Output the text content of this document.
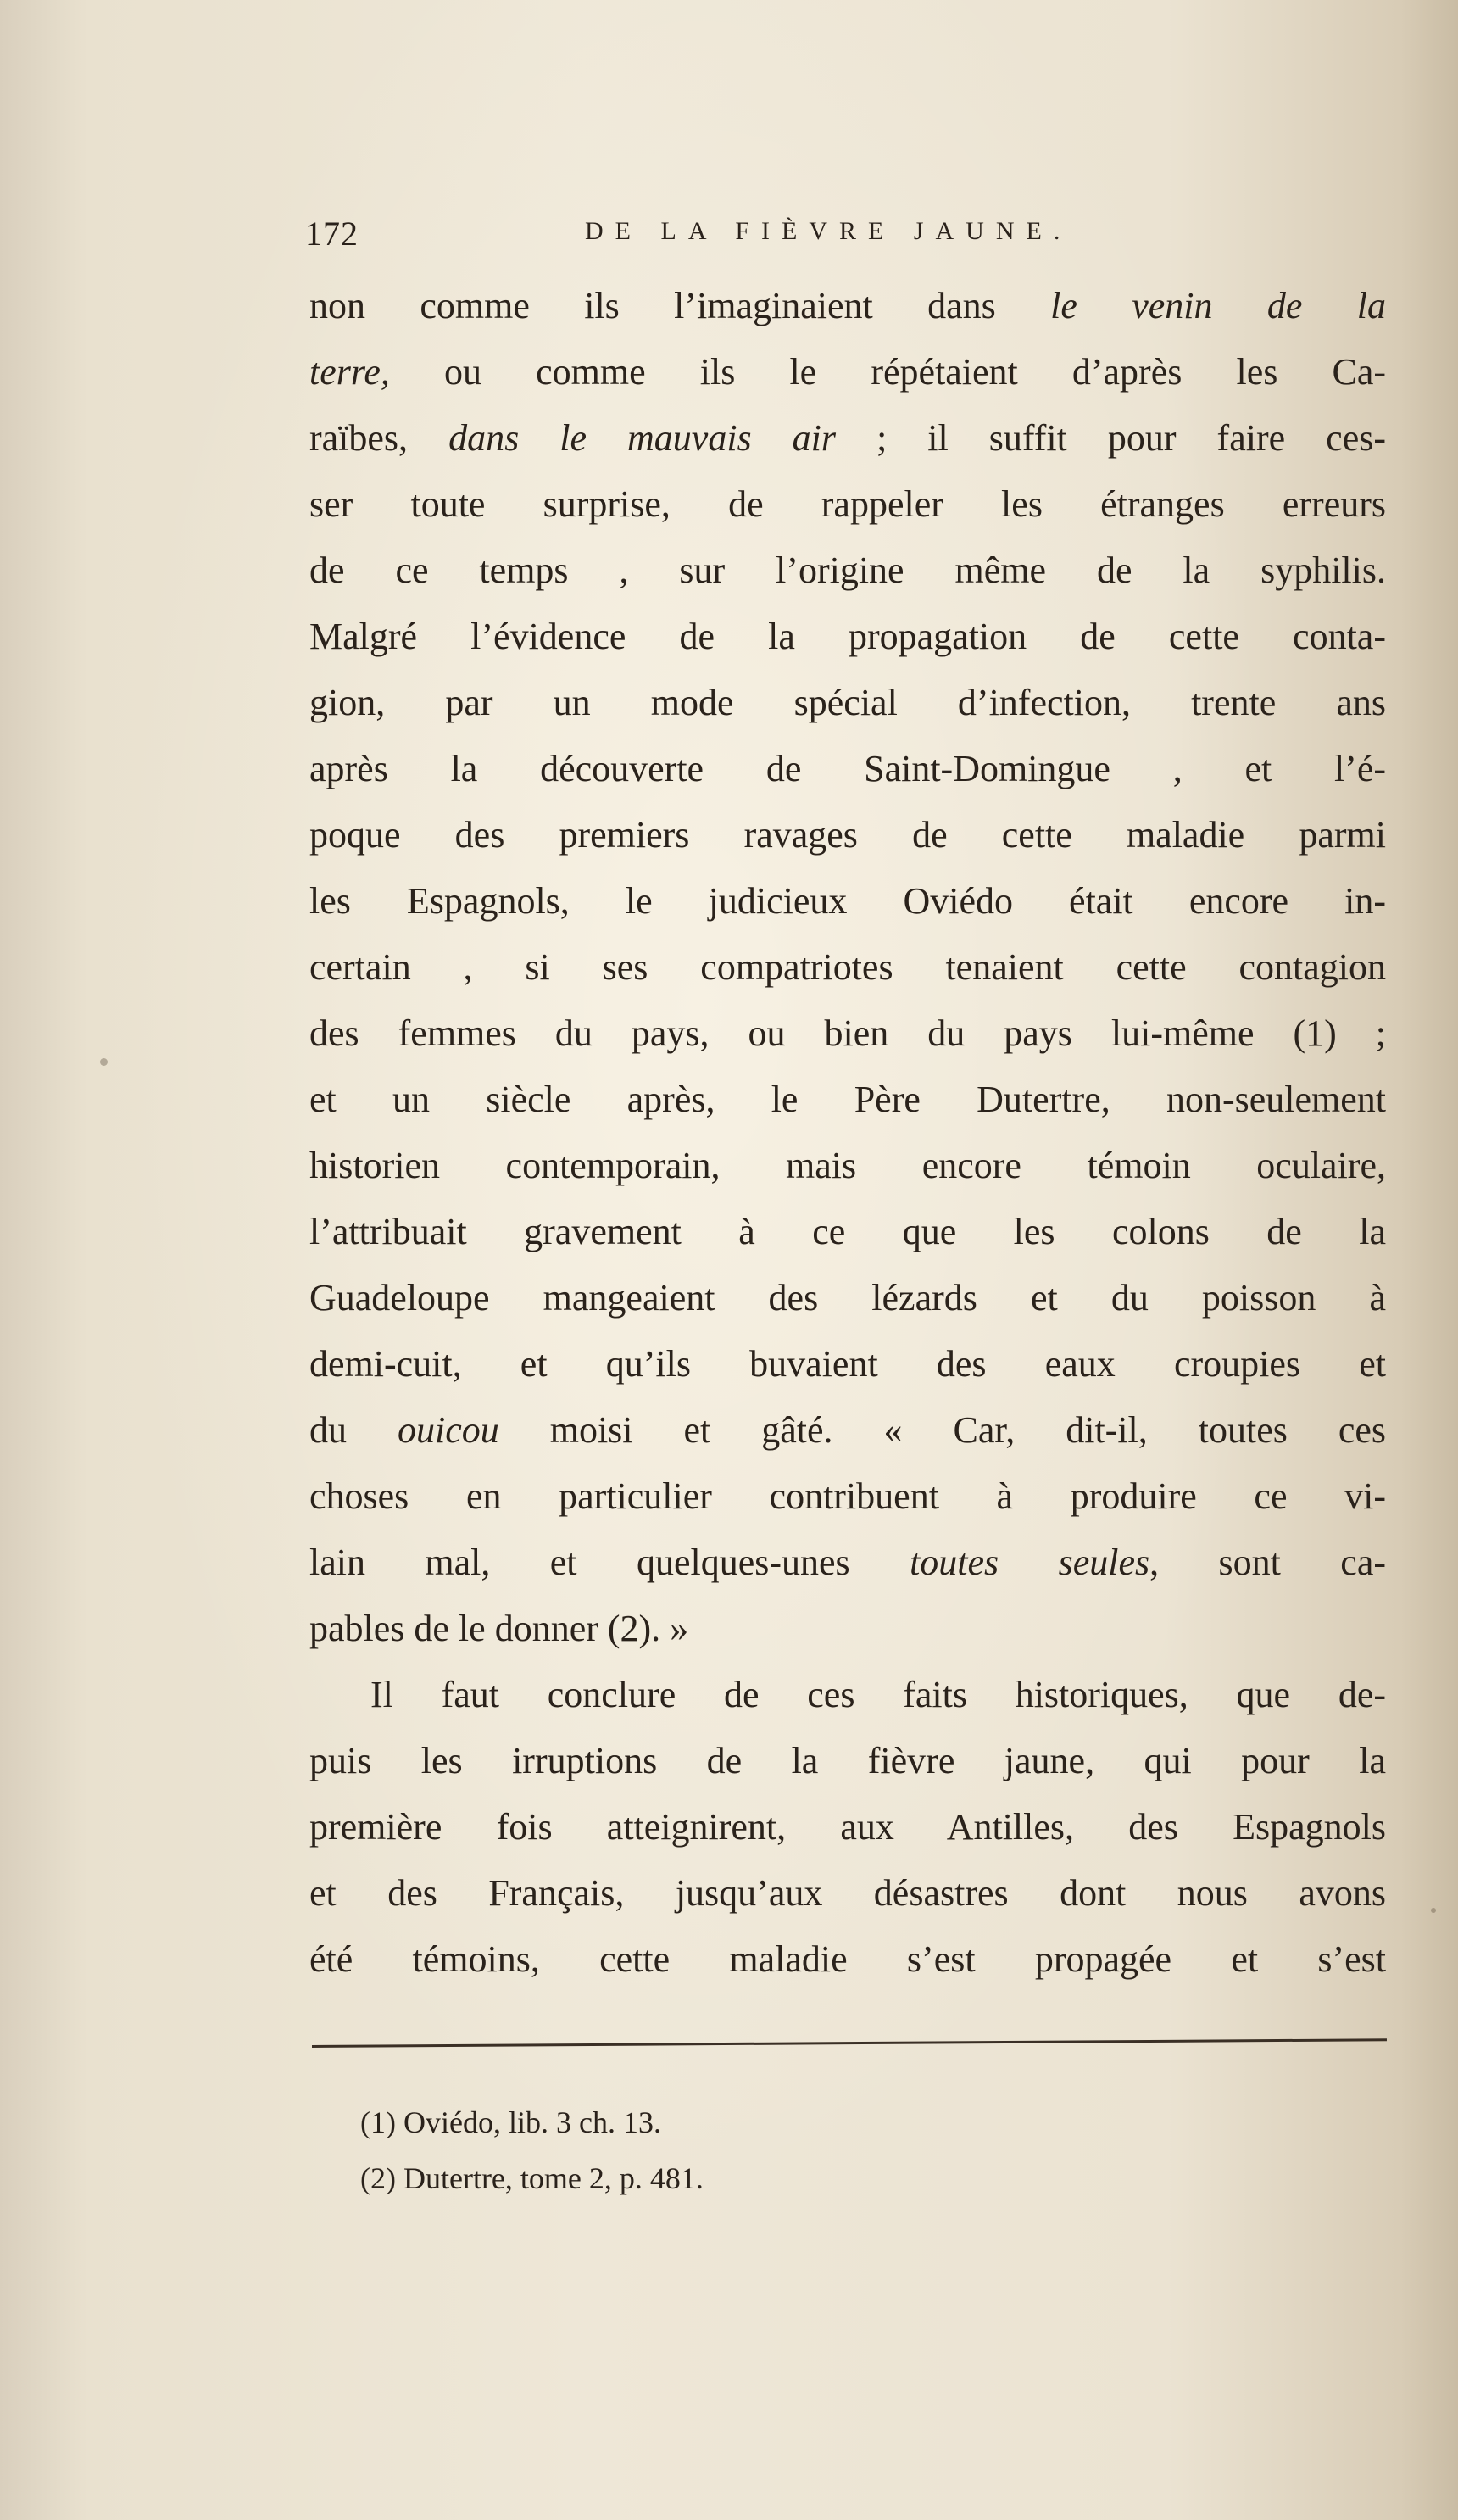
172	DE LA FIÈVRE JAUNE.
non comme ils l’imaginaient dans le venin de la
terre, ou comme ils le répétaient d’après les Ca-
raïbes, dans le mauvais air ; il suffit pour faire ces-
ser toute surprise, de rappeler les étranges erreurs
de ce temps , sur l’origine même de la syphilis.
Malgré l’évidence de la propagation de cette conta-
gion, par un mode spécial d’infection, trente ans
après la découverte de Saint-Domingue , et l’é-
poque des premiers ravages de cette maladie parmi
les Espagnols, le judicieux Oviédo était encore in-
certain , si ses compatriotes tenaient cette contagion
des femmes du pays, ou bien du pays lui-même (1) ;
et un siècle après, le Père Dutertre, non-seulement
historien contemporain, mais encore témoin oculaire,
l’attribuait gravement à ce que les colons de la
Guadeloupe mangeaient des lézards et du poisson à
demi-cuit, et qu’ils buvaient des eaux croupies et
du ouicou moisi et gâté. « Car, dit-il, toutes ces
choses en particulier contribuent à produire ce vi-
lain mal, et quelques-unes toutes seules, sont ca-
pables de le donner (2). »
Il faut conclure de ces faits historiques, que de-
puis les irruptions de la fièvre jaune, qui pour la
première fois atteignirent, aux Antilles, des Espagnols
et des Français, jusqu’aux désastres dont nous avons
été témoins, cette maladie s’est propagée et s’est
(1) Oviédo, lib. 3 ch. 13.
(2) Dutertre, tome 2, p. 481.
